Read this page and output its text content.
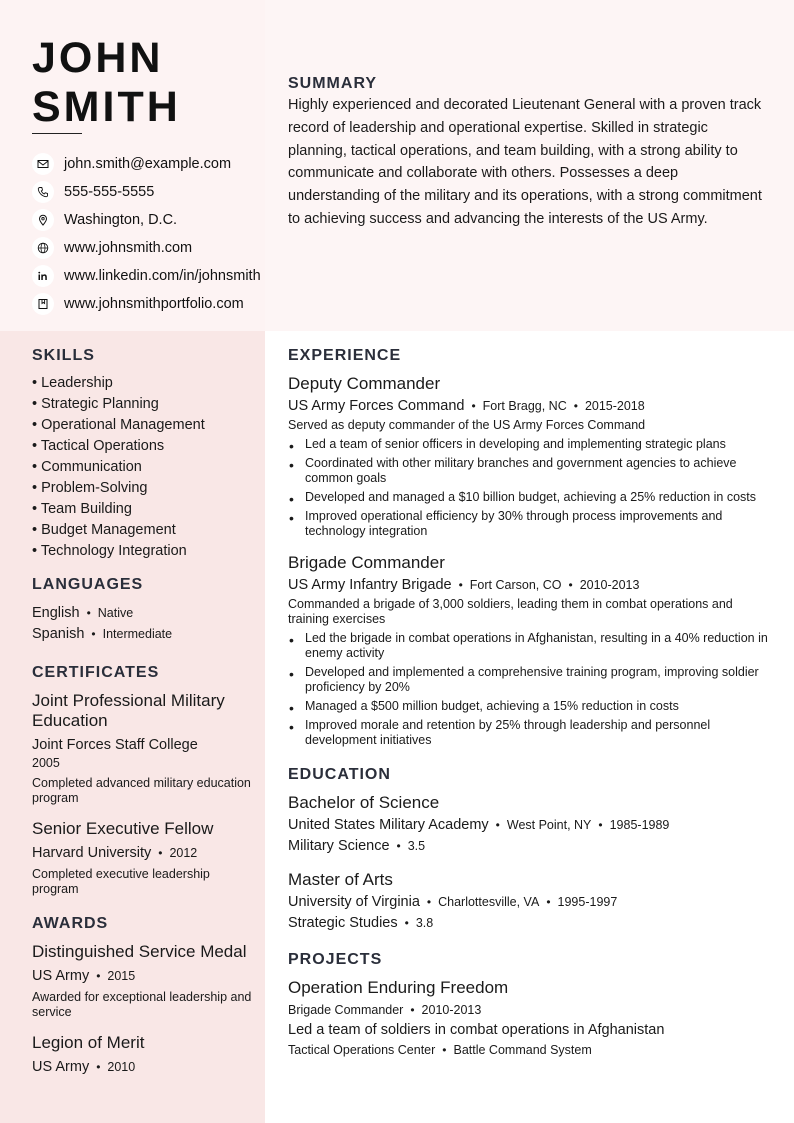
JOHN
SMITH
john.smith@example.com
555-555-5555
Washington, D.C.
www.johnsmith.com
www.linkedin.com/in/johnsmith
www.johnsmithportfolio.com
SUMMARY
Highly experienced and decorated Lieutenant General with a proven track record of leadership and operational expertise. Skilled in strategic planning, tactical operations, and team building, with a strong ability to communicate and collaborate with others. Possesses a deep understanding of the military and its operations, with a strong commitment to achieving success and advancing the interests of the US Army.
SKILLS
• Leadership
• Strategic Planning
• Operational Management
• Tactical Operations
• Communication
• Problem-Solving
• Team Building
• Budget Management
• Technology Integration
LANGUAGES
English • Native
Spanish • Intermediate
CERTIFICATES
Joint Professional Military Education
Joint Forces Staff College
2005
Completed advanced military education program
Senior Executive Fellow
Harvard University • 2012
Completed executive leadership program
AWARDS
Distinguished Service Medal
US Army • 2015
Awarded for exceptional leadership and service
Legion of Merit
US Army • 2010
EXPERIENCE
Deputy Commander
US Army Forces Command • Fort Bragg, NC • 2015-2018
Served as deputy commander of the US Army Forces Command
• Led a team of senior officers in developing and implementing strategic plans
• Coordinated with other military branches and government agencies to achieve common goals
• Developed and managed a $10 billion budget, achieving a 25% reduction in costs
• Improved operational efficiency by 30% through process improvements and technology integration
Brigade Commander
US Army Infantry Brigade • Fort Carson, CO • 2010-2013
Commanded a brigade of 3,000 soldiers, leading them in combat operations and training exercises
• Led the brigade in combat operations in Afghanistan, resulting in a 40% reduction in enemy activity
• Developed and implemented a comprehensive training program, improving soldier proficiency by 20%
• Managed a $500 million budget, achieving a 15% reduction in costs
• Improved morale and retention by 25% through leadership and personnel development initiatives
EDUCATION
Bachelor of Science
United States Military Academy • West Point, NY • 1985-1989
Military Science • 3.5
Master of Arts
University of Virginia • Charlottesville, VA • 1995-1997
Strategic Studies • 3.8
PROJECTS
Operation Enduring Freedom
Brigade Commander • 2010-2013
Led a team of soldiers in combat operations in Afghanistan
Tactical Operations Center • Battle Command System
